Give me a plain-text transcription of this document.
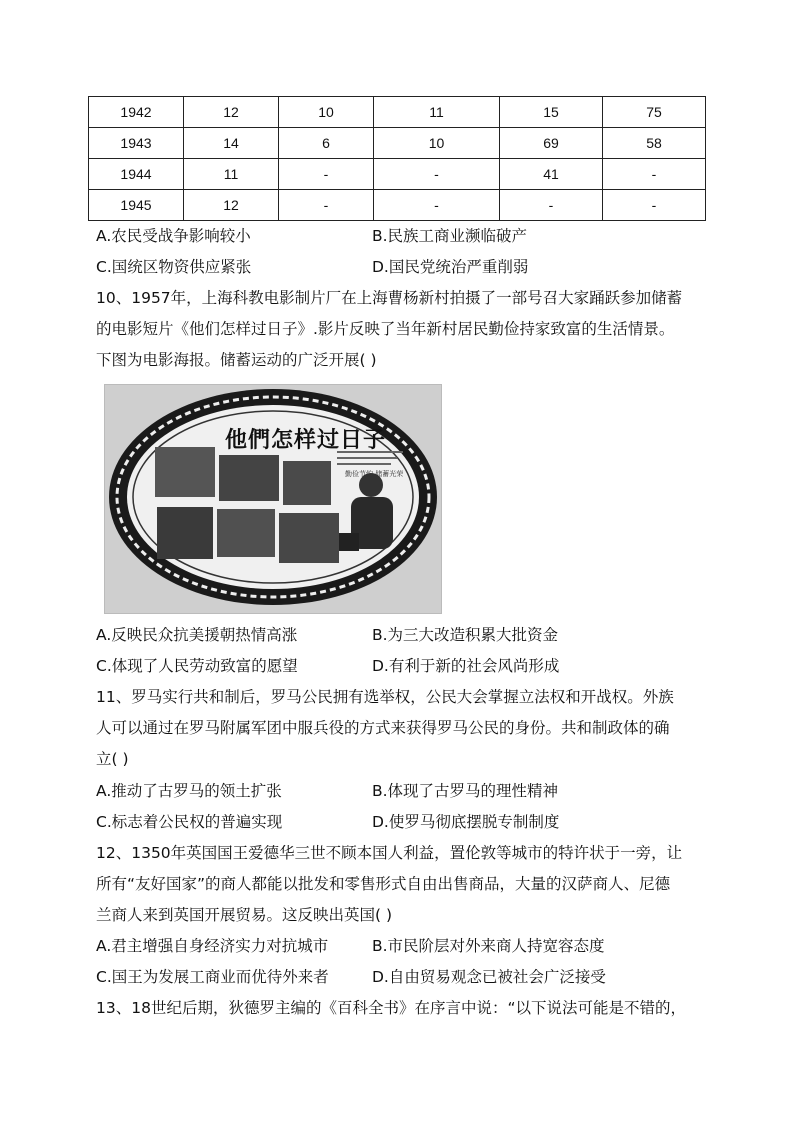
1942	12	10	11	15	75
1943	14	6	10	69	58
1944	11	-	-	41	-
1945	12	-	-	-	-
A.农民受战争影响较小	B.民族工商业濒临破产
C.国统区物资供应紧张	D.国民党统治严重削弱
10、1957年，上海科教电影制片厂在上海曹杨新村拍摄了一部号召大家踊跃参加储蓄
的电影短片《他们怎样过日子》.影片反映了当年新村居民勤俭持家致富的生活情景。
下图为电影海报。储蓄运动的广泛开展( )
他們怎样过日子
勤俭节约 储蓄光荣
A.反映民众抗美援朝热情高涨	B.为三大改造积累大批资金
C.体现了人民劳动致富的愿望	D.有利于新的社会风尚形成
11、罗马实行共和制后，罗马公民拥有选举权，公民大会掌握立法权和开战权。外族
人可以通过在罗马附属军团中服兵役的方式来获得罗马公民的身份。共和制政体的确
立( )
A.推动了古罗马的领土扩张	B.体现了古罗马的理性精神
C.标志着公民权的普遍实现	D.使罗马彻底摆脱专制制度
12、1350年英国国王爱德华三世不顾本国人利益，置伦敦等城市的特许状于一旁，让
所有“友好国家”的商人都能以批发和零售形式自由出售商品，大量的汉萨商人、尼德
兰商人来到英国开展贸易。这反映出英国( )
A.君主增强自身经济实力对抗城市	B.市民阶层对外来商人持宽容态度
C.国王为发展工商业而优待外来者	D.自由贸易观念已被社会广泛接受
13、18世纪后期，狄德罗主编的《百科全书》在序言中说：“以下说法可能是不错的，
